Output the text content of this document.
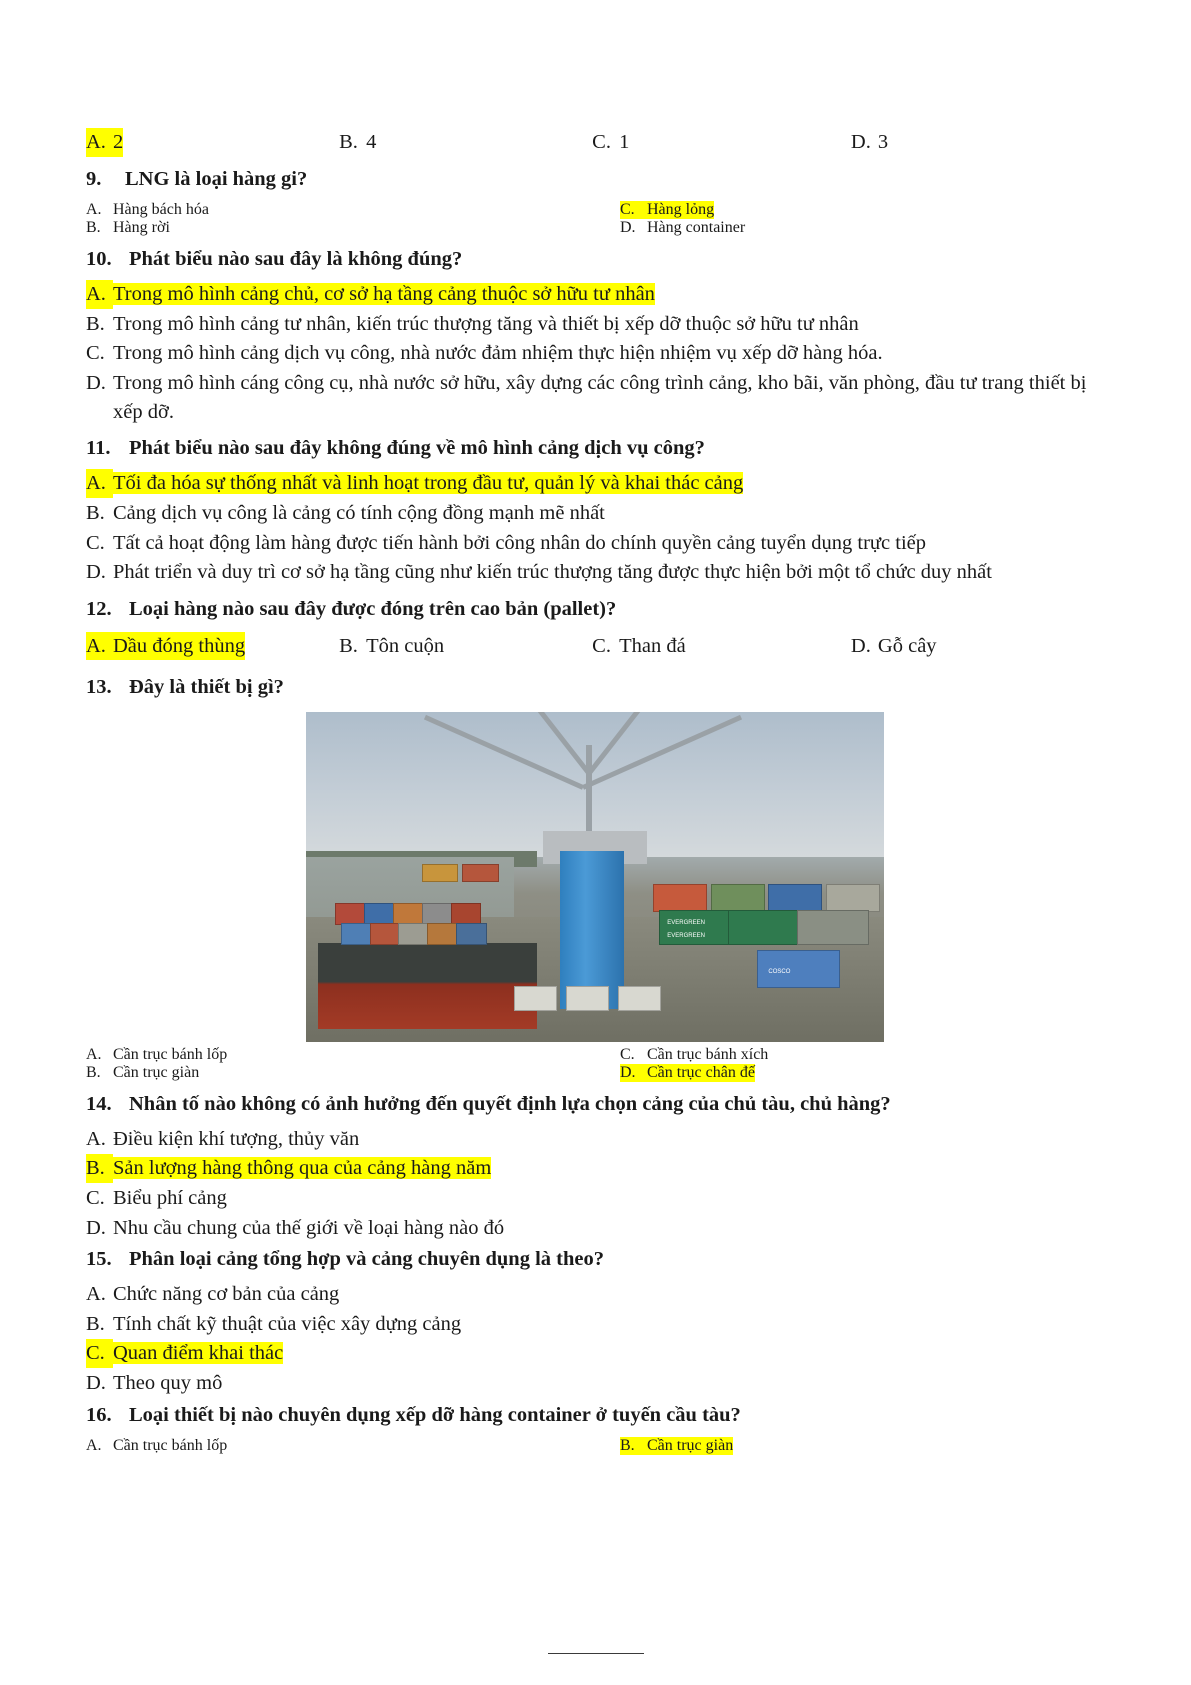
A. 2	B. 4	C. 1	D. 3
9.	LNG là loại hàng gi?
A. Hàng bách hóa	C. Hàng lỏng
B. Hàng rời	D. Hàng container
10. Phát biểu nào sau đây là không đúng?
A. Trong mô hình cảng chủ, cơ sở hạ tầng cảng thuộc sở hữu tư nhân
B. Trong mô hình cảng tư nhân, kiến trúc thượng tăng và thiết bị xếp dỡ thuộc sở hữu tư nhân
C. Trong mô hình cảng dịch vụ công, nhà nước đảm nhiệm thực hiện nhiệm vụ xếp dỡ hàng hóa.
D. Trong mô hình cáng công cụ, nhà nước sở hữu, xây dựng các công trình cảng, kho bãi, văn phòng, đầu tư trang thiết bị xếp dỡ.
11. Phát biểu nào sau đây không đúng về mô hình cảng dịch vụ công?
A. Tối đa hóa sự thống nhất và linh hoạt trong đầu tư, quản lý và khai thác cảng
B. Cảng dịch vụ công là cảng có tính cộng đồng mạnh mẽ nhất
C. Tất cả hoạt động làm hàng được tiến hành bởi công nhân do chính quyền cảng tuyển dụng trực tiếp
D. Phát triển và duy trì cơ sở hạ tầng cũng như kiến trúc thượng tăng được thực hiện bởi một tổ chức duy nhất
12. Loại hàng nào sau đây được đóng trên cao bản (pallet)?
A. Dầu đóng thùng	B. Tôn cuộn	C. Than đá	D. Gỗ cây
13. Đây là thiết bị gì?
EVERGREEN
EVERGREEN
COSCO
A. Cần trục bánh lốp	C. Cần trục bánh xích
B. Cần trục giàn	D. Cần trục chân đế
14. Nhân tố nào không có ảnh hưởng đến quyết định lựa chọn cảng của chủ tàu, chủ hàng?
A. Điều kiện khí tượng, thủy văn
B. Sản lượng hàng thông qua của cảng hàng năm
C. Biểu phí cảng
D. Nhu cầu chung của thế giới về loại hàng nào đó
15. Phân loại cảng tổng hợp và cảng chuyên dụng là theo?
A. Chức năng cơ bản của cảng
B. Tính chất kỹ thuật của việc xây dựng cảng
C. Quan điểm khai thác
D. Theo quy mô
16. Loại thiết bị nào chuyên dụng xếp dỡ hàng container ở tuyến cầu tàu?
A. Cần trục bánh lốp	B. Cần trục giàn
